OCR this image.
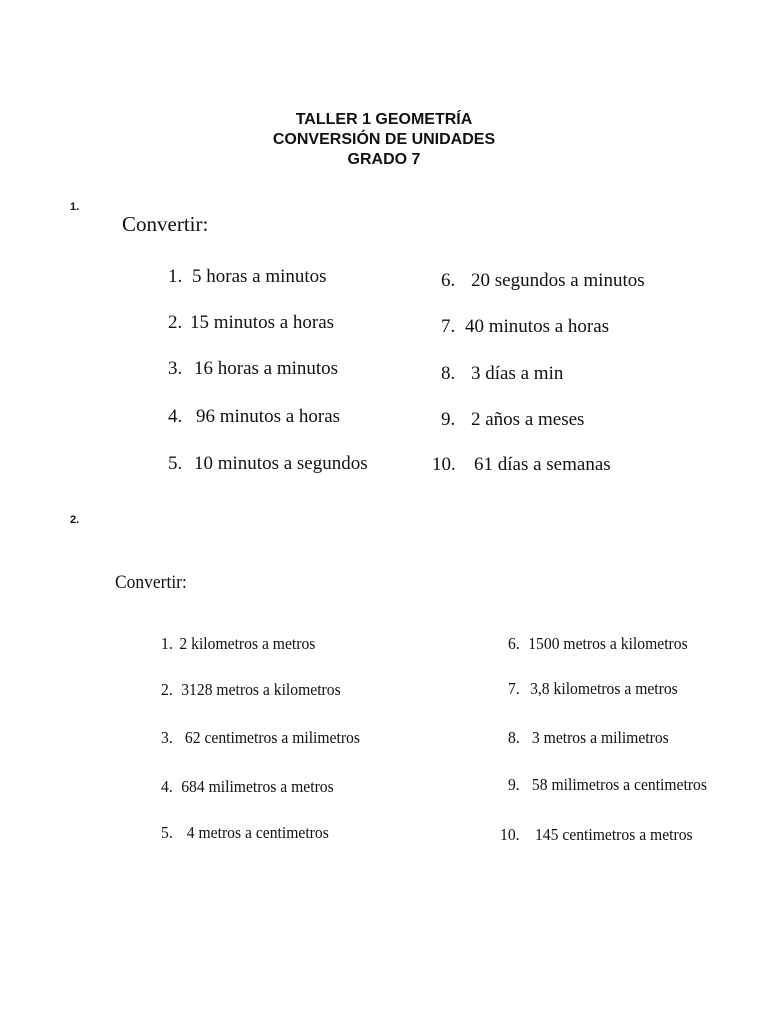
TALLER 1 GEOMETRÍA
CONVERSIÓN DE UNIDADES
GRADO 7
1.
Convertir:
1. 5 horas a minutos
2. 15 minutos a horas
3. 16 horas a minutos
4. 96 minutos a horas
5. 10 minutos a segundos
6. 20 segundos a minutos
7. 40 minutos a horas
8. 3 días a min
9. 2 años a meses
10. 61 días a semanas
2.
Convertir:
1. 2 kilometros a metros
2. 3128 metros a kilometros
3. 62 centimetros a milimetros
4. 684 milimetros a metros
5. 4 metros a centimetros
6. 1500 metros a kilometros
7. 3,8 kilometros a metros
8. 3 metros a milimetros
9. 58 milimetros a centimetros
10. 145 centimetros a metros
